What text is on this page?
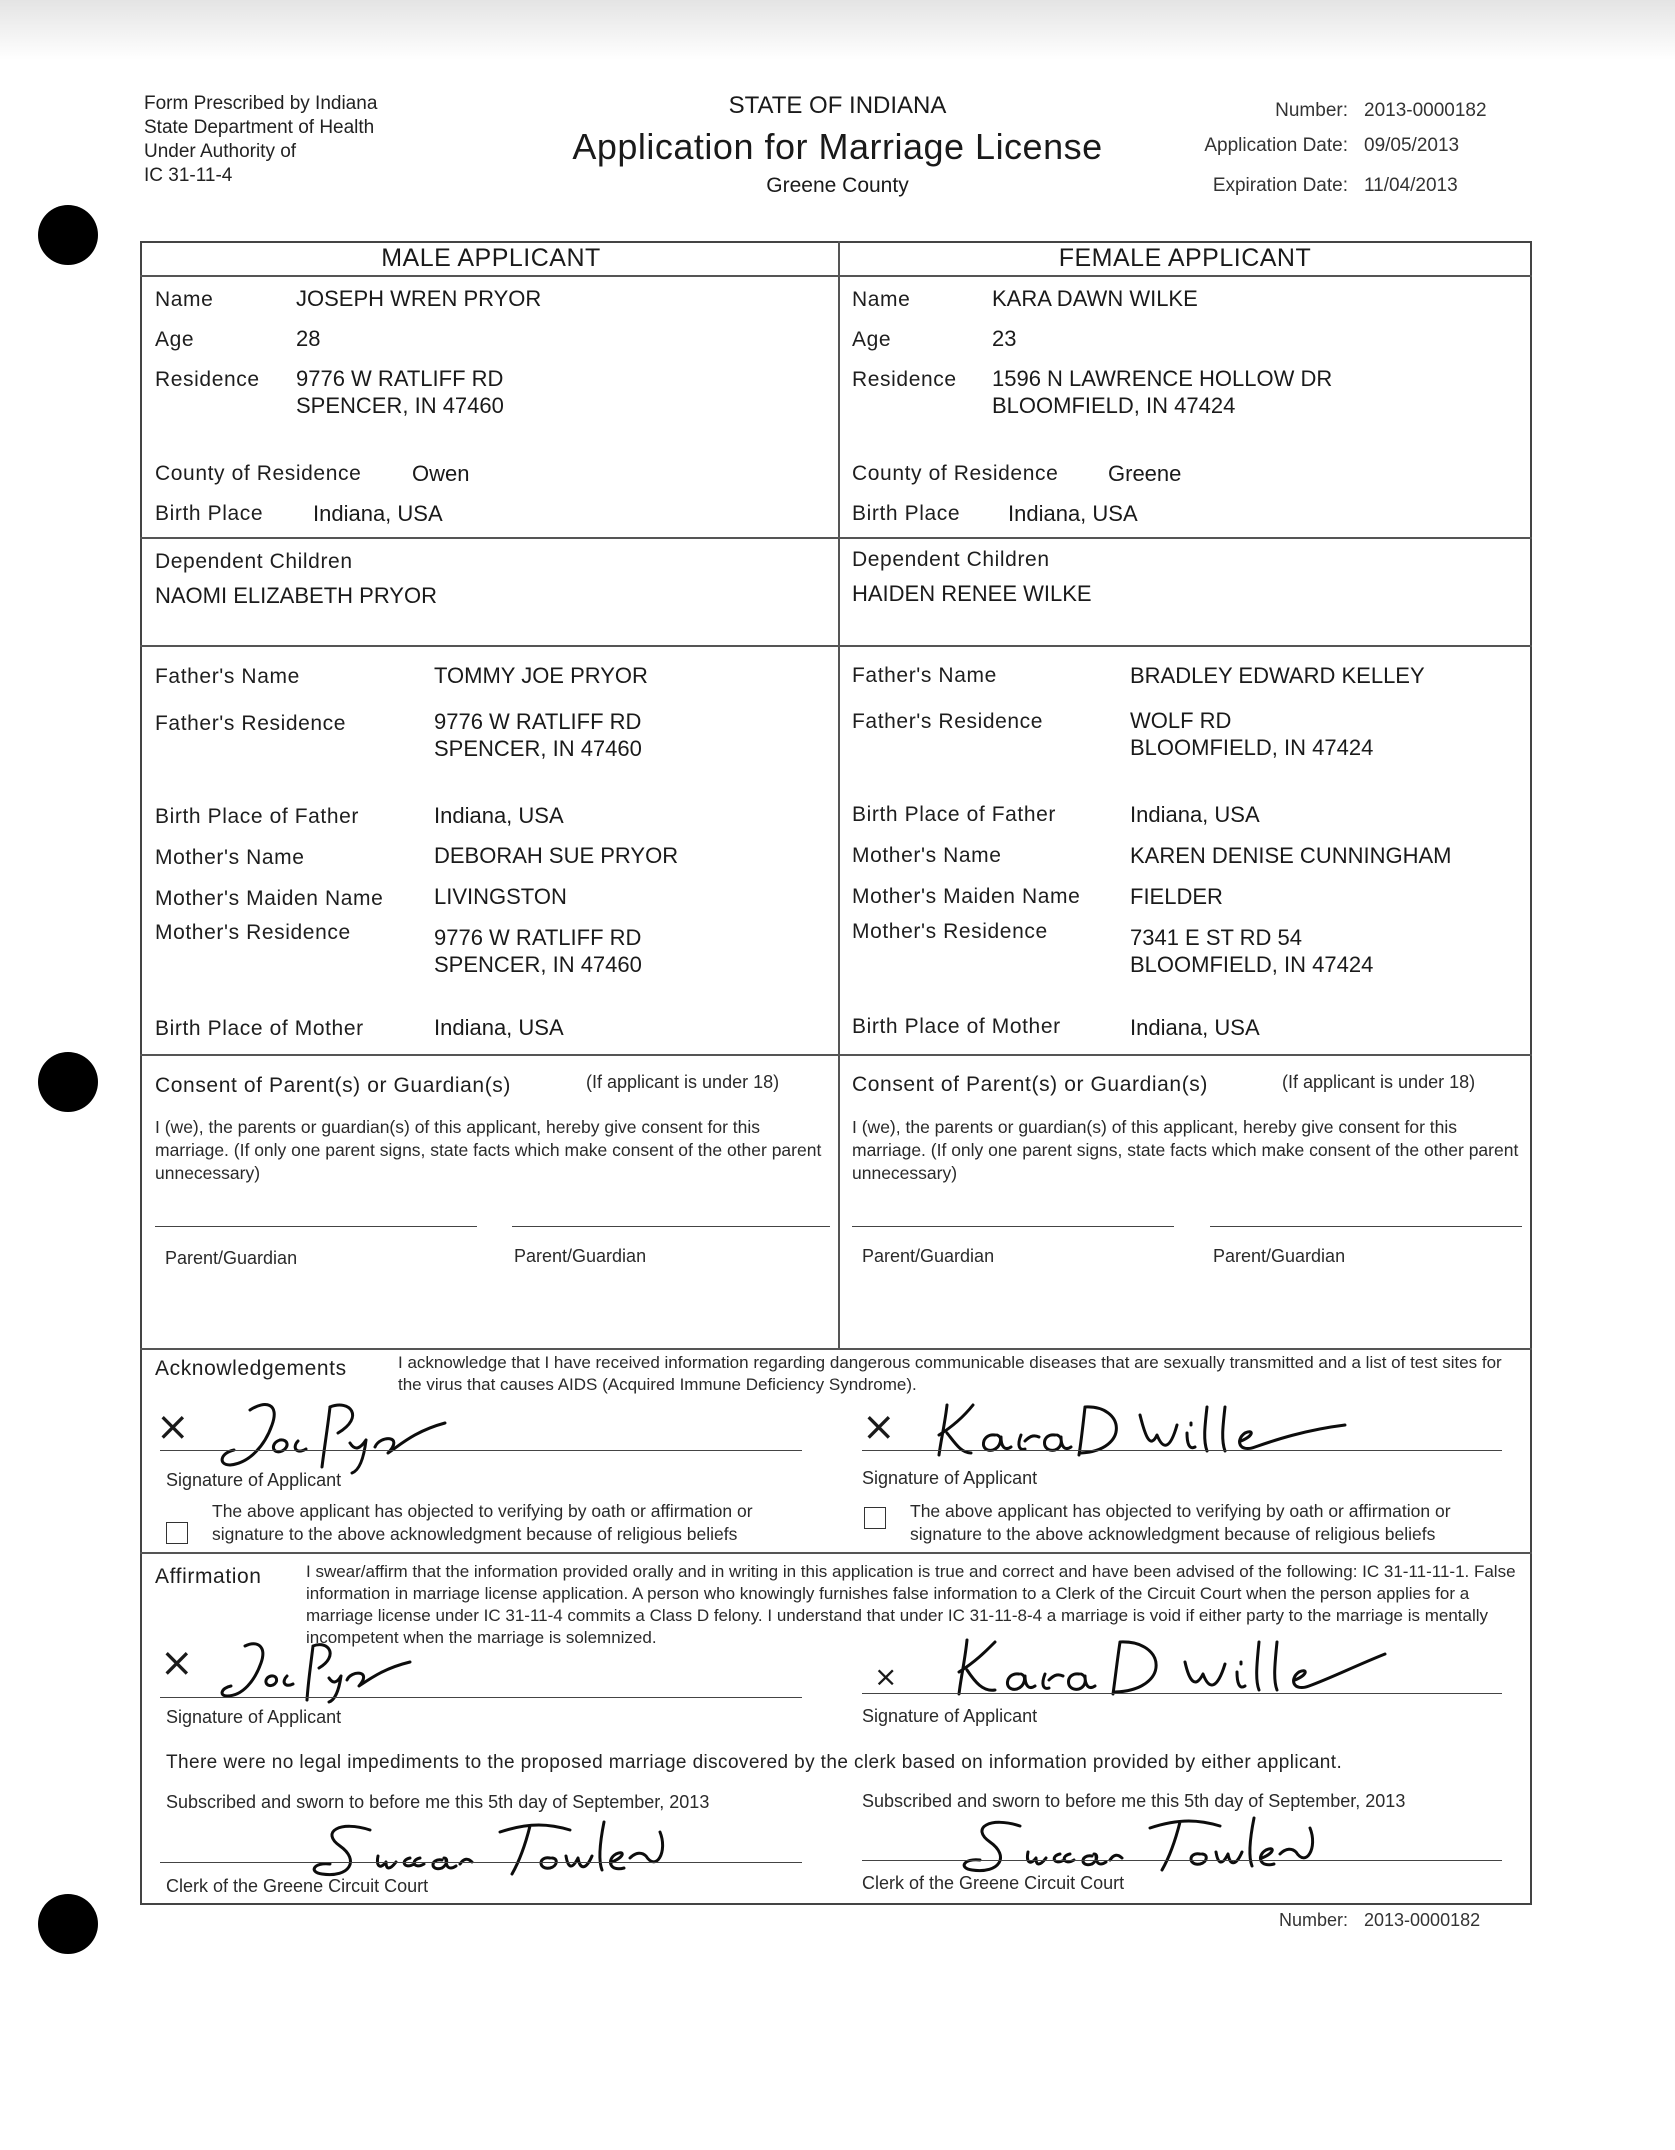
Form Prescribed by Indiana
State Department of Health
Under Authority of
IC 31-11-4
STATE OF INDIANA
Application for Marriage License
Greene County
Number: 2013-0000182
Application Date: 09/05/2013
Expiration Date: 11/04/2013
MALE APPLICANT	FEMALE APPLICANT
Name	JOSEPH WREN PRYOR
Age	28
Residence 9776 W RATLIFF RD
SPENCER, IN 47460
County of Residence Owen
Birth Place Indiana, USA
Dependent Children
NAOMI ELIZABETH PRYOR
Father's Name	TOMMY JOE PRYOR
Father's Residence	9776 W RATLIFF RD
SPENCER, IN 47460
Birth Place of Father	Indiana, USA
Mother's Name	DEBORAH SUE PRYOR
Mother's Maiden Name LIVINGSTON
Mother's Residence	9776 W RATLIFF RD
SPENCER, IN 47460
Birth Place of Mother	Indiana, USA
Name	KARA DAWN WILKE
Age	23
Residence 1596 N LAWRENCE HOLLOW DR
BLOOMFIELD, IN 47424
County of Residence Greene
Birth Place Indiana, USA
Dependent Children
HAIDEN RENEE WILKE
Father's Name	BRADLEY EDWARD KELLEY
Father's Residence	WOLF RD
BLOOMFIELD, IN 47424
Birth Place of Father	Indiana, USA
Mother's Name	KAREN DENISE CUNNINGHAM
Mother's Maiden Name FIELDER
Mother's Residence	7341 E ST RD 54
BLOOMFIELD, IN 47424
Birth Place of Mother	Indiana, USA
Consent of Parent(s) or Guardian(s)	(If applicant is under 18)
I (we), the parents or guardian(s) of this applicant, hereby give consent for this marriage. (If only one parent signs, state facts which make consent of the other parent unnecessary)
Parent/Guardian	Parent/Guardian
Consent of Parent(s) or Guardian(s)	(If applicant is under 18)
I (we), the parents or guardian(s) of this applicant, hereby give consent for this marriage. (If only one parent signs, state facts which make consent of the other parent unnecessary)
Parent/Guardian	Parent/Guardian
Acknowledgements	I acknowledge that I have received information regarding dangerous communicable diseases that are sexually transmitted and a list of test sites for the virus that causes AIDS (Acquired Immune Deficiency Syndrome).
×
Signature of Applicant
The above applicant has objected to verifying by oath or affirmation or signature to the above acknowledgment because of religious beliefs
×
Signature of Applicant
The above applicant has objected to verifying by oath or affirmation or signature to the above acknowledgment because of religious beliefs
Affirmation	I swear/affirm that the information provided orally and in writing in this application is true and correct and have been advised of the following: IC 31-11-11-1. False information in marriage license application. A person who knowingly furnishes false information to a Clerk of the Circuit Court when the person applies for a marriage license under IC 31-11-4 commits a Class D felony. I understand that under IC 31-11-8-4 a marriage is void if either party to the marriage is mentally incompetent when the marriage is solemnized.
×
Signature of Applicant
×
Signature of Applicant
There were no legal impediments to the proposed marriage discovered by the clerk based on information provided by either applicant.
Subscribed and sworn to before me this 5th day of September, 2013
Clerk of the Greene Circuit Court
Subscribed and sworn to before me this 5th day of September, 2013
Clerk of the Greene Circuit Court
Number: 2013-0000182
